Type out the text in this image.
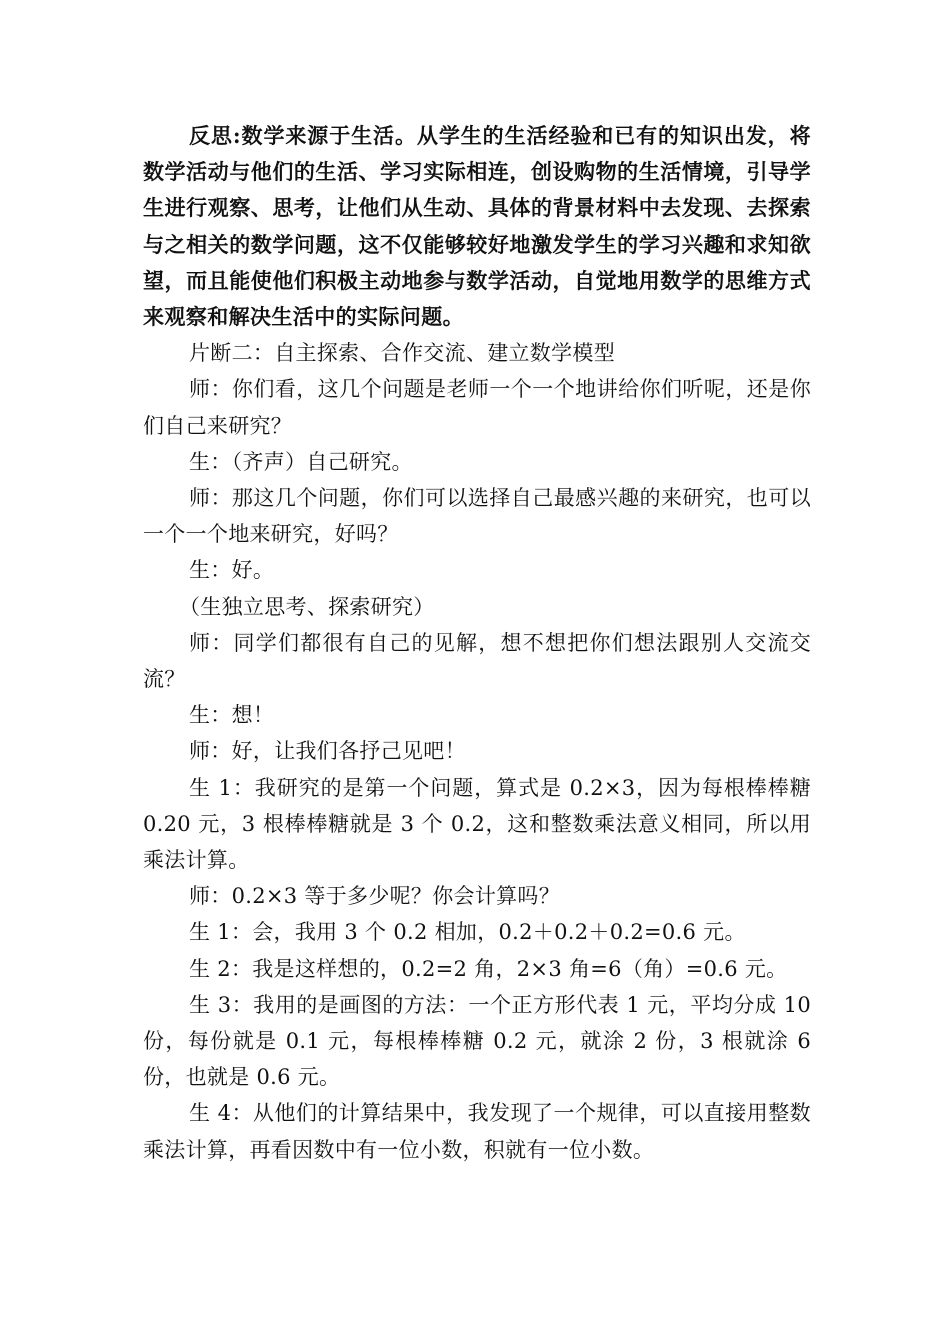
反思:数学来源于生活。从学生的生活经验和已有的知识出发，将数学活动与他们的生活、学习实际相连，创设购物的生活情境，引导学生进行观察、思考，让他们从生动、具体的背景材料中去发现、去探索与之相关的数学问题，这不仅能够较好地激发学生的学习兴趣和求知欲望，而且能使他们积极主动地参与数学活动，自觉地用数学的思维方式来观察和解决生活中的实际问题。

片断二：自主探索、合作交流、建立数学模型

师：你们看，这几个问题是老师一个一个地讲给你们听呢，还是你们自己来研究？

生：（齐声）自己研究。

师：那这几个问题，你们可以选择自己最感兴趣的来研究，也可以一个一个地来研究，好吗？

生：好。

（生独立思考、探索研究）

师：同学们都很有自己的见解，想不想把你们想法跟别人交流交流？

生：想！

师：好，让我们各抒己见吧！

生 1：我研究的是第一个问题，算式是 0.2×3，因为每根棒棒糖 0.20 元，3 根棒棒糖就是 3 个 0.2，这和整数乘法意义相同，所以用乘法计算。

师：0.2×3 等于多少呢？你会计算吗？

生 1：会，我用 3 个 0.2 相加，0.2＋0.2＋0.2=0.6 元。

生 2：我是这样想的，0.2=2 角，2×3 角=6（角）=0.6 元。

生 3：我用的是画图的方法：一个正方形代表 1 元，平均分成 10 份，每份就是 0.1 元，每根棒棒糖 0.2 元，就涂 2 份，3 根就涂 6 份，也就是 0.6 元。

生 4：从他们的计算结果中，我发现了一个规律，可以直接用整数乘法计算，再看因数中有一位小数，积就有一位小数。
